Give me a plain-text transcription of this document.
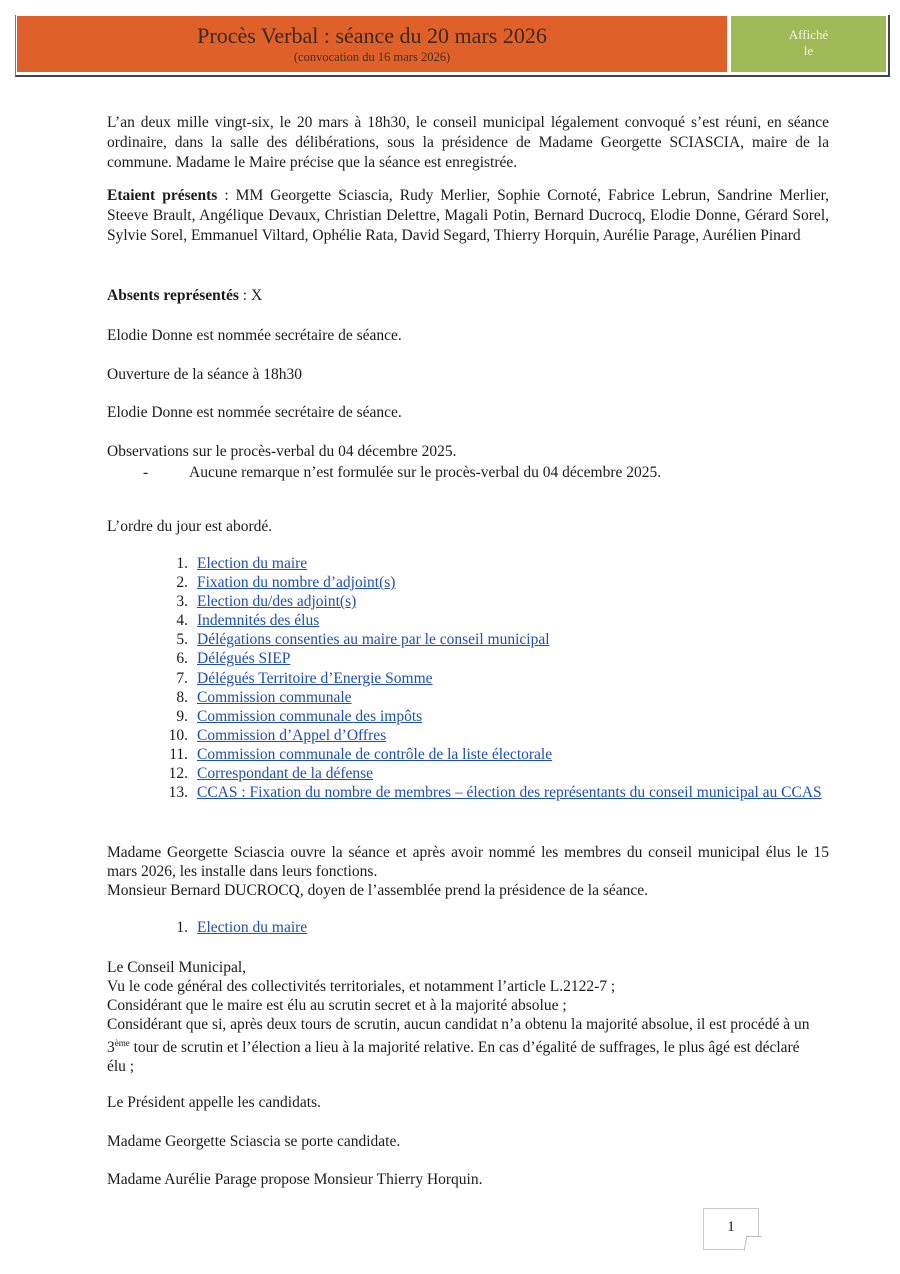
Procès Verbal : séance du 20 mars 2026
(convocation du 16 mars 2026)
Affiché
le
L’an deux mille vingt-six, le 20 mars à 18h30, le conseil municipal légalement convoqué s’est réuni, en séance ordinaire, dans la salle des délibérations, sous la présidence de Madame Georgette SCIASCIA, maire de la commune. Madame le Maire précise que la séance est enregistrée.
Etaient présents : MM Georgette Sciascia, Rudy Merlier, Sophie Cornoté, Fabrice Lebrun, Sandrine Merlier, Steeve Brault, Angélique Devaux, Christian Delettre, Magali Potin, Bernard Ducrocq, Elodie Donne, Gérard Sorel, Sylvie Sorel, Emmanuel Viltard, Ophélie Rata, David Segard, Thierry Horquin, Aurélie Parage, Aurélien Pinard
Absents représentés : X
Elodie Donne est nommée secrétaire de séance.
Ouverture de la séance à 18h30
Elodie Donne est nommée secrétaire de séance.
Observations sur le procès-verbal du 04 décembre 2025.
-	Aucune remarque n’est formulée sur le procès-verbal du 04 décembre 2025.
L’ordre du jour est abordé.
1. Election du maire
2. Fixation du nombre d’adjoint(s)
3. Election du/des adjoint(s)
4. Indemnités des élus
5. Délégations consenties au maire par le conseil municipal
6. Délégués SIEP
7. Délégués Territoire d’Energie Somme
8. Commission communale
9. Commission communale des impôts
10. Commission d’Appel d’Offres
11. Commission communale de contrôle de la liste électorale
12. Correspondant de la défense
13. CCAS : Fixation du nombre de membres – élection des représentants du conseil municipal au CCAS
Madame Georgette Sciascia ouvre la séance et après avoir nommé les membres du conseil municipal élus le 15 mars 2026, les installe dans leurs fonctions.
Monsieur Bernard DUCROCQ, doyen de l’assemblée prend la présidence de la séance.
1. Election du maire
Le Conseil Municipal,
Vu le code général des collectivités territoriales, et notamment l’article L.2122-7 ;
Considérant que le maire est élu au scrutin secret et à la majorité absolue ;
Considérant que si, après deux tours de scrutin, aucun candidat n’a obtenu la majorité absolue, il est procédé à un 3ème tour de scrutin et l’élection a lieu à la majorité relative. En cas d’égalité de suffrages, le plus âgé est déclaré élu ;
Le Président appelle les candidats.
Madame Georgette Sciascia se porte candidate.
Madame Aurélie Parage propose Monsieur Thierry Horquin.
1
